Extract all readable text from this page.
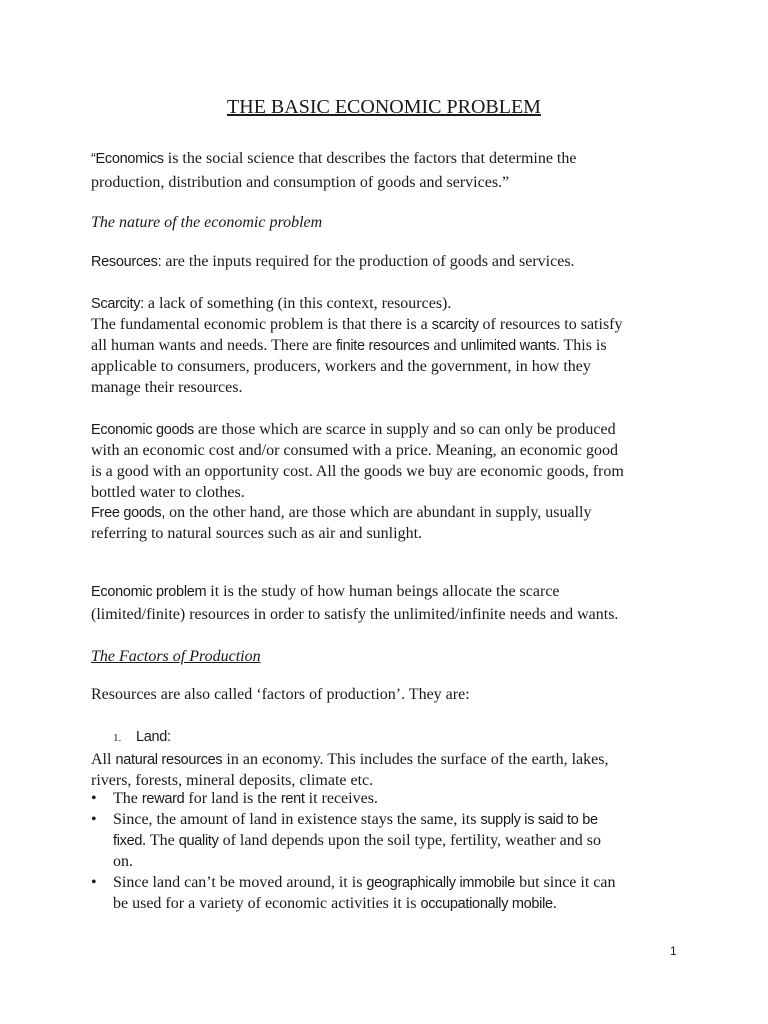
THE BASIC ECONOMIC PROBLEM
“Economics is the social science that describes the factors that determine the
production, distribution and consumption of goods and services.”
The nature of the economic problem
Resources: are the inputs required for the production of goods and services.
Scarcity: a lack of something (in this context, resources).
The fundamental economic problem is that there is a scarcity of resources to satisfy
all human wants and needs. There are finite resources and unlimited wants. This is
applicable to consumers, producers, workers and the government, in how they
manage their resources.
Economic goods are those which are scarce in supply and so can only be produced
with an economic cost and/or consumed with a price. Meaning, an economic good
is a good with an opportunity cost. All the goods we buy are economic goods, from
bottled water to clothes.
Free goods, on the other hand, are those which are abundant in supply, usually
referring to natural sources such as air and sunlight.
Economic problem it is the study of how human beings allocate the scarce
(limited/finite) resources in order to satisfy the unlimited/infinite needs and wants.
The Factors of Production
Resources are also called ‘factors of production’. They are:
1. Land:
All natural resources in an economy. This includes the surface of the earth, lakes,
rivers, forests, mineral deposits, climate etc.
• The reward for land is the rent it receives.
• Since, the amount of land in existence stays the same, its supply is said to be
fixed. The quality of land depends upon the soil type, fertility, weather and so
on.
• Since land can’t be moved around, it is geographically immobile but since it can
be used for a variety of economic activities it is occupationally mobile.
1
